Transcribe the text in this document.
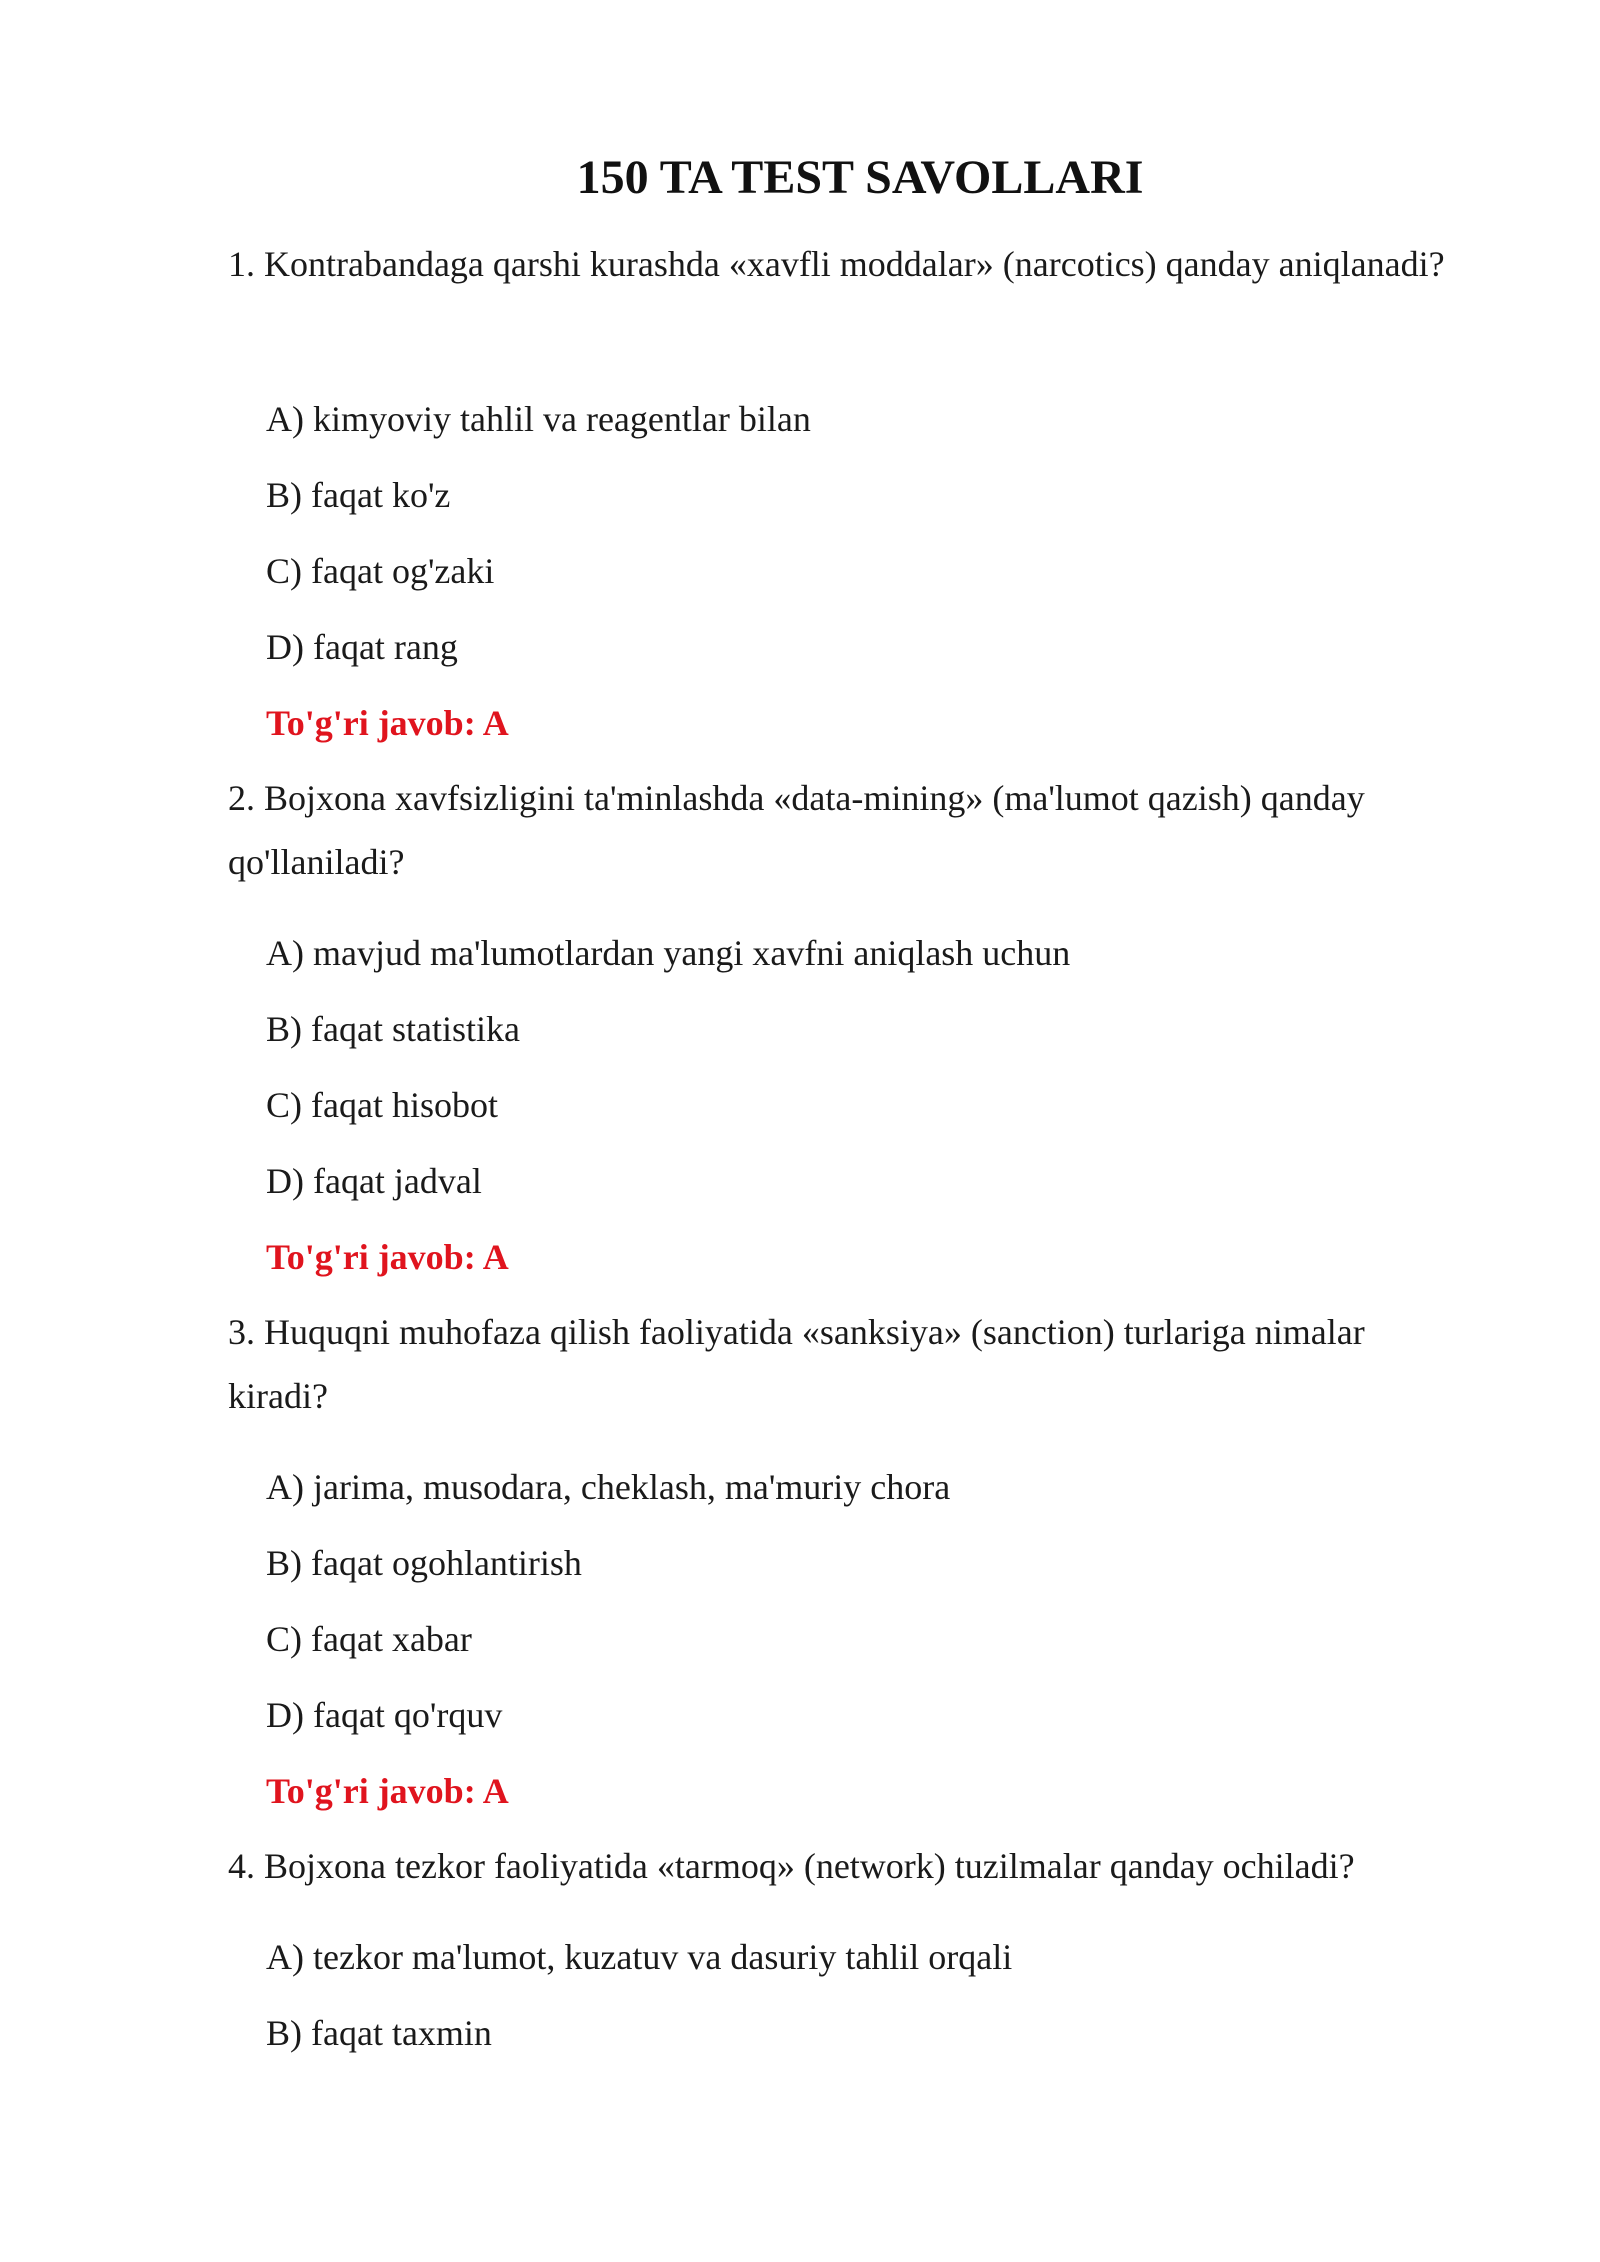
150 TA TEST SAVOLLARI
1. Kontrabandaga qarshi kurashda «xavfli moddalar» (narcotics) qanday aniqlanadi?
A) kimyoviy tahlil va reagentlar bilan
B) faqat ko'z
C) faqat og'zaki
D) faqat rang
To'g'ri javob: A
2. Bojxona xavfsizligini ta'minlashda «data-mining» (ma'lumot qazish) qanday qo'llaniladi?
A) mavjud ma'lumotlardan yangi xavfni aniqlash uchun
B) faqat statistika
C) faqat hisobot
D) faqat jadval
To'g'ri javob: A
3. Huquqni muhofaza qilish faoliyatida «sanksiya» (sanction) turlariga nimalar kiradi?
A) jarima, musodara, cheklash, ma'muriy chora
B) faqat ogohlantirish
C) faqat xabar
D) faqat qo'rquv
To'g'ri javob: A
4. Bojxona tezkor faoliyatida «tarmoq» (network) tuzilmalar qanday ochiladi?
A) tezkor ma'lumot, kuzatuv va dasuriy tahlil orqali
B) faqat taxmin
